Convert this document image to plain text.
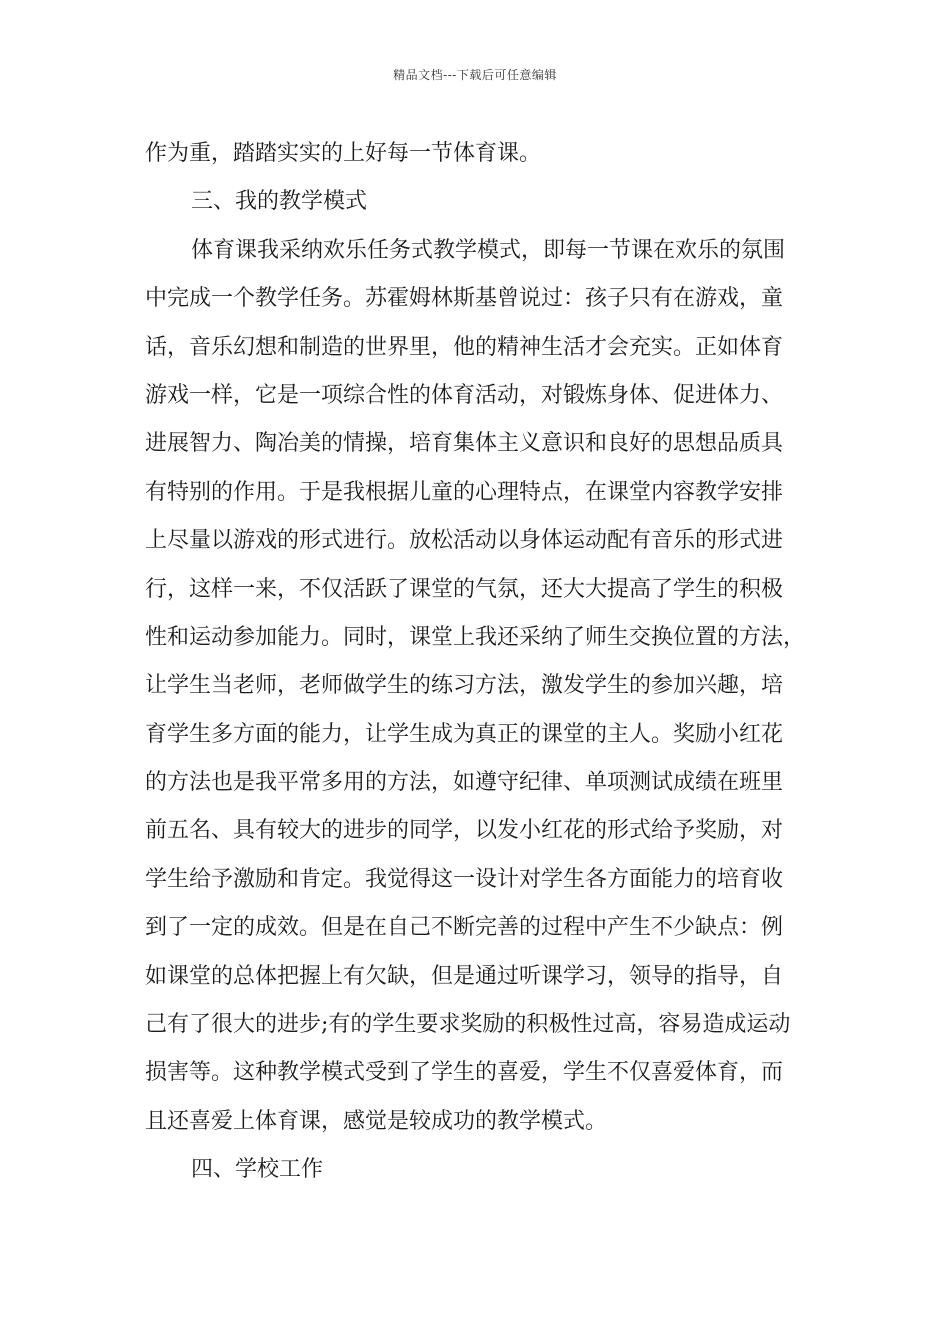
精品文档---下载后可任意编辑
作为重，踏踏实实的上好每一节体育课。
三、我的教学模式
体育课我采纳欢乐任务式教学模式，即每一节课在欢乐的氛围
中完成一个教学任务。苏霍姆林斯基曾说过：孩子只有在游戏，童
话，音乐幻想和制造的世界里，他的精神生活才会充实。正如体育
游戏一样，它是一项综合性的体育活动，对锻炼身体、促进体力、
进展智力、陶冶美的情操，培育集体主义意识和良好的思想品质具
有特别的作用。于是我根据儿童的心理特点，在课堂内容教学安排
上尽量以游戏的形式进行。放松活动以身体运动配有音乐的形式进
行，这样一来，不仅活跃了课堂的气氛，还大大提高了学生的积极
性和运动参加能力。同时，课堂上我还采纳了师生交换位置的方法，
让学生当老师，老师做学生的练习方法，激发学生的参加兴趣，培
育学生多方面的能力，让学生成为真正的课堂的主人。奖励小红花
的方法也是我平常多用的方法，如遵守纪律、单项测试成绩在班里
前五名、具有较大的进步的同学，以发小红花的形式给予奖励，对
学生给予激励和肯定。我觉得这一设计对学生各方面能力的培育收
到了一定的成效。但是在自己不断完善的过程中产生不少缺点：例
如课堂的总体把握上有欠缺，但是通过听课学习，领导的指导，自
己有了很大的进步;有的学生要求奖励的积极性过高，容易造成运动
损害等。这种教学模式受到了学生的喜爱，学生不仅喜爱体育，而
且还喜爱上体育课，感觉是较成功的教学模式。
四、学校工作
